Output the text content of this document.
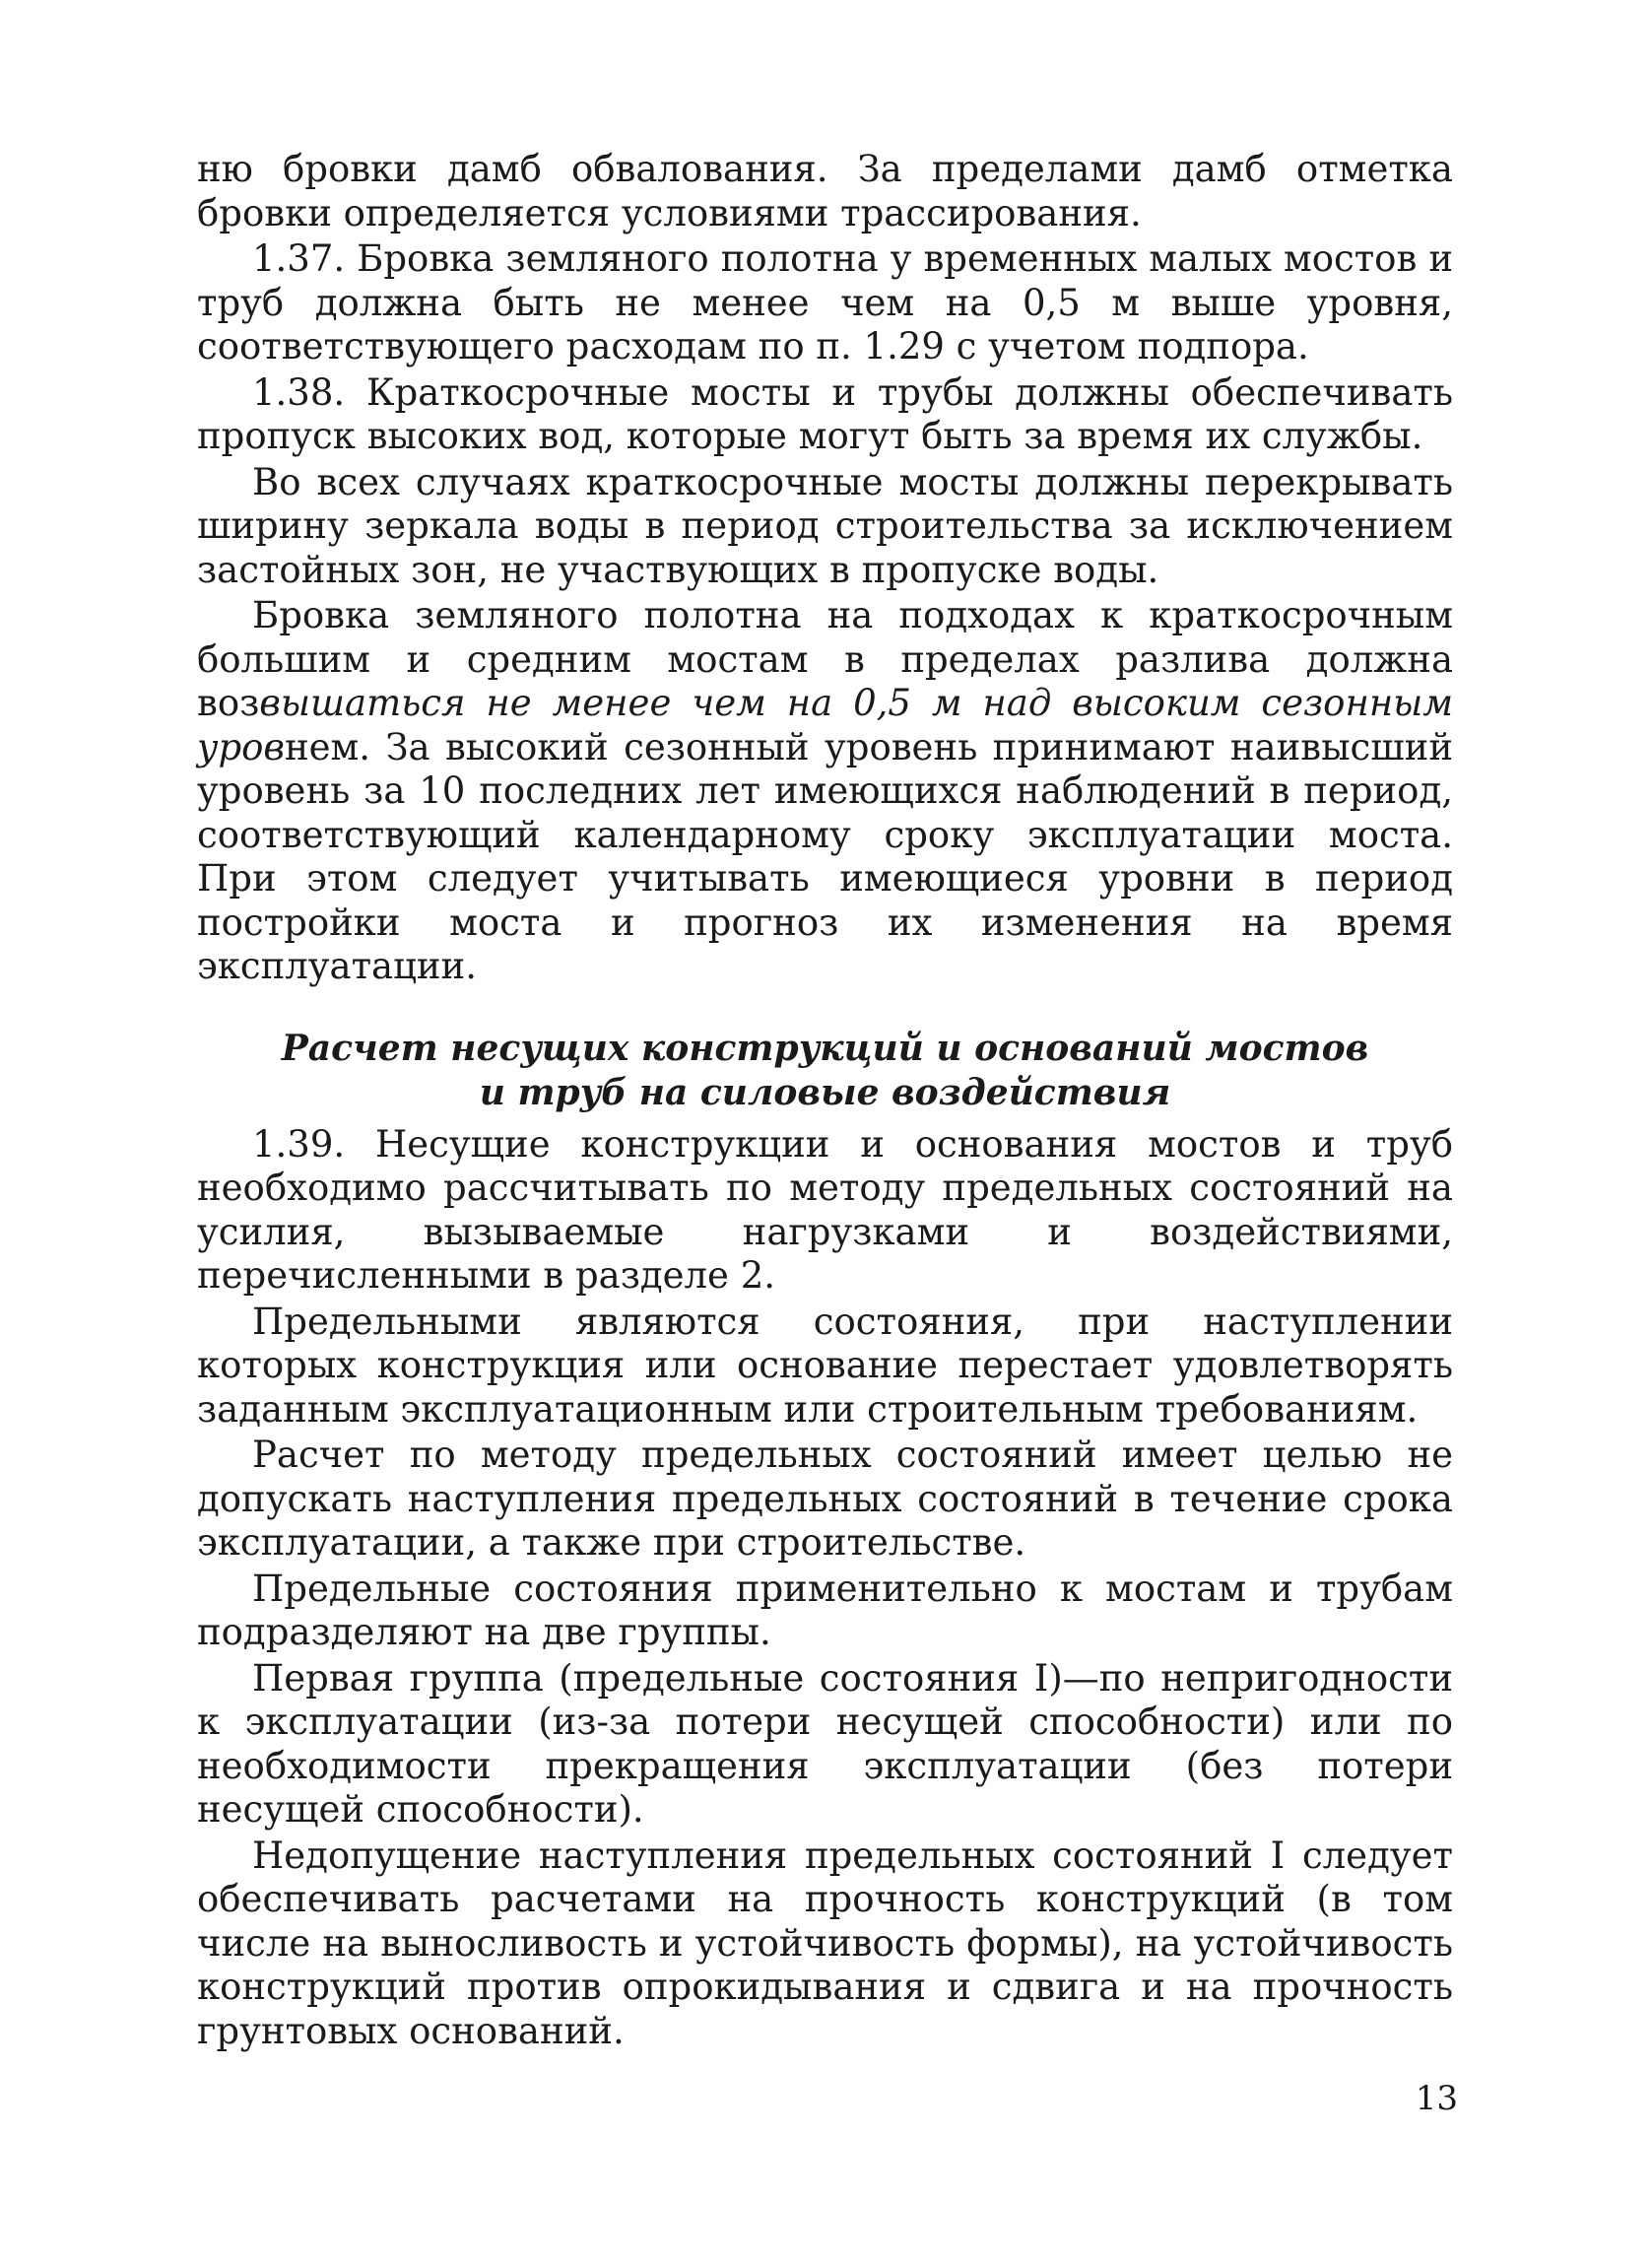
ню бровки дамб обвалования. За пределами дамб отметка бровки определяется условиями трассирования.

1.37. Бровка земляного полотна у временных малых мостов и труб должна быть не менее чем на 0,5 м выше уровня, соответствующего расходам по п. 1.29 с учетом подпора.

1.38. Краткосрочные мосты и трубы должны обеспечивать пропуск высоких вод, которые могут быть за время их службы.

Во всех случаях краткосрочные мосты должны перекрывать ширину зеркала воды в период строительства за исключением застойных зон, не участвующих в пропуске воды.

Бровка земляного полотна на подходах к краткосрочным большим и средним мостам в пределах разлива должна возвышаться не менее чем на 0,5 м над высоким сезонным уровнем. За высокий сезонный уровень принимают наивысший уровень за 10 последних лет имеющихся наблюдений в период, соответствующий календарному сроку эксплуатации моста. При этом следует учитывать имеющиеся уровни в период постройки моста и прогноз их изменения на время эксплуатации.

Расчет несущих конструкций и оснований мостов
и труб на силовые воздействия

1.39. Несущие конструкции и основания мостов и труб необходимо рассчитывать по методу предельных состояний на усилия, вызываемые нагрузками и воздействиями, перечисленными в разделе 2.

Предельными являются состояния, при наступлении которых конструкция или основание перестает удовлетворять заданным эксплуатационным или строительным требованиям.

Расчет по методу предельных состояний имеет целью не допускать наступления предельных состояний в течение срока эксплуатации, а также при строительстве.

Предельные состояния применительно к мостам и трубам подразделяют на две группы.

Первая группа (предельные состояния I)—по непригодности к эксплуатации (из-за потери несущей способности) или по необходимости прекращения эксплуатации (без потери несущей способности).

Недопущение наступления предельных состояний I следует обеспечивать расчетами на прочность конструкций (в том числе на выносливость и устойчивость формы), на устойчивость конструкций против опрокидывания и сдвига и на прочность грунтовых оснований.

13
